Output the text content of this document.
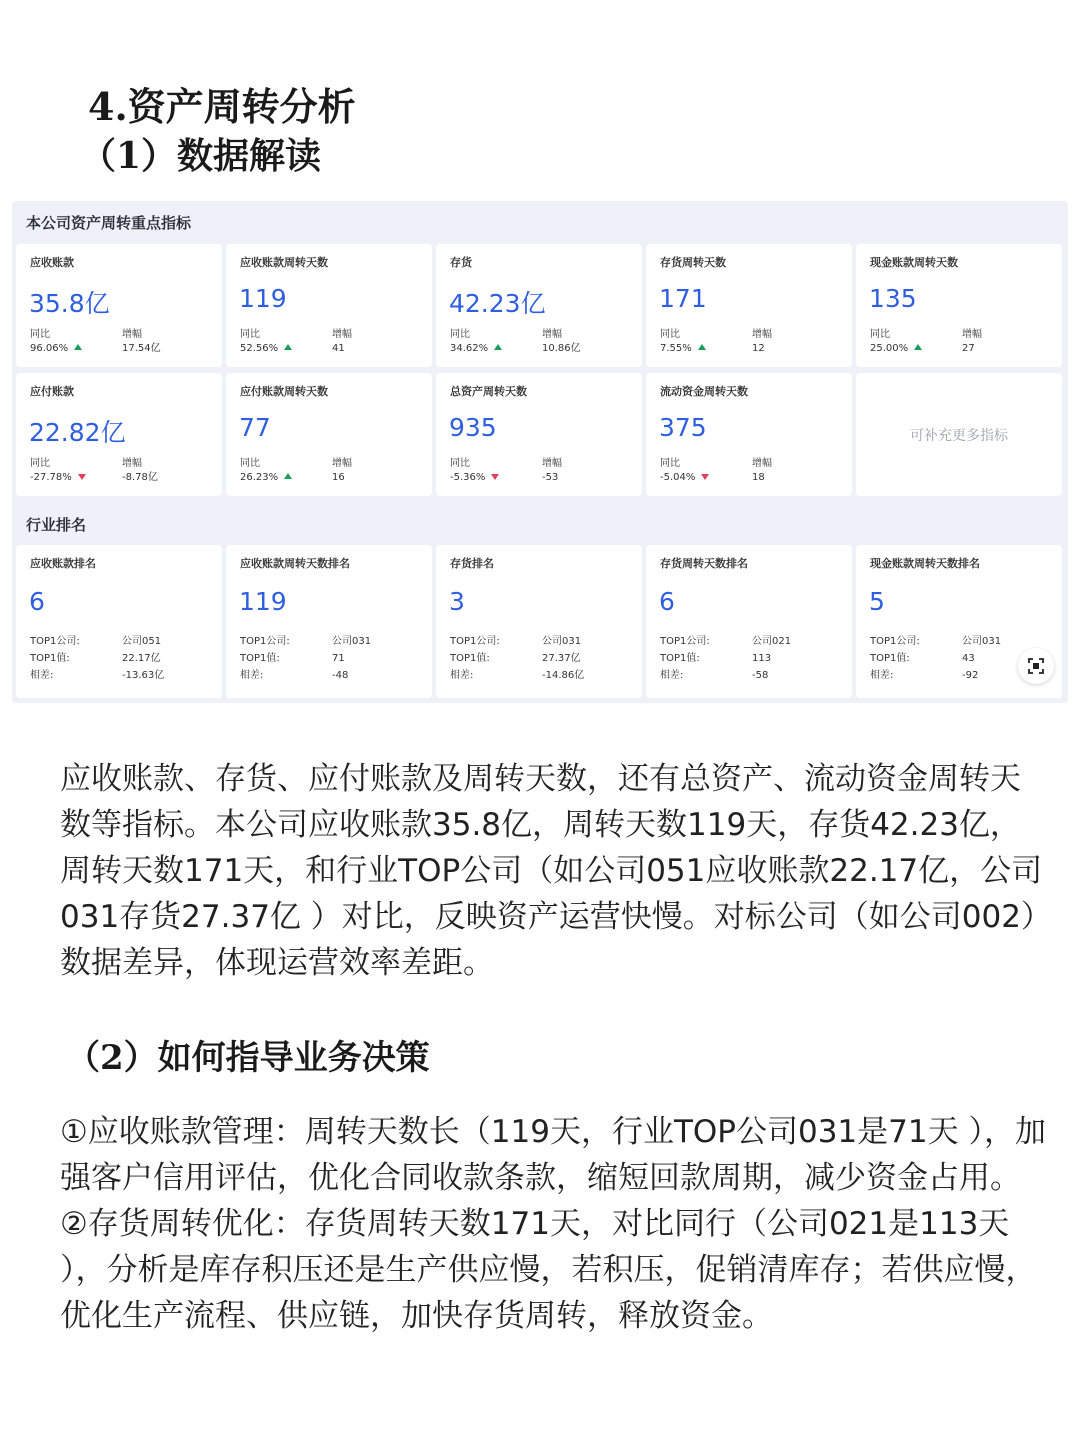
4.资产周转分析
（1）数据解读
本公司资产周转重点指标
应收账款
35.8亿
同比
96.06%
增幅
17.54亿
应收账款周转天数
119
同比
52.56%
增幅
41
存货
42.23亿
同比
34.62%
增幅
10.86亿
存货周转天数
171
同比
7.55%
增幅
12
现金账款周转天数
135
同比
25.00%
增幅
27
应付账款
22.82亿
同比
-27.78%
增幅
-8.78亿
应付账款周转天数
77
同比
26.23%
增幅
16
总资产周转天数
935
同比
-5.36%
增幅
-53
流动资金周转天数
375
同比
-5.04%
增幅
18
可补充更多指标
行业排名
应收账款排名
6
TOP1公司:
TOP1值:
相差:
公司051
22.17亿
-13.63亿
应收账款周转天数排名
119
TOP1公司:
TOP1值:
相差:
公司031
71
-48
存货排名
3
TOP1公司:
TOP1值:
相差:
公司031
27.37亿
-14.86亿
存货周转天数排名
6
TOP1公司:
TOP1值:
相差:
公司021
113
-58
现金账款周转天数排名
5
TOP1公司:
TOP1值:
相差:
公司031
43
-92

应收账款、存货、应付账款及周转天数，还有总资产、流动资金周转天数等指标。本公司应收账款35.8亿，周转天数119天，存货42.23亿，周转天数171天，和行业TOP公司（如公司051应收账款22.17亿，公司031存货27.37亿 ）对比，反映资产运营快慢。对标公司（如公司002）数据差异，体现运营效率差距。

（2）如何指导业务决策
①应收账款管理：周转天数长（119天，行业TOP公司031是71天 ），加强客户信用评估，优化合同收款条款，缩短回款周期，减少资金占用。
②存货周转优化：存货周转天数171天，对比同行（公司021是113天 ），分析是库存积压还是生产供应慢，若积压，促销清库存；若供应慢，优化生产流程、供应链，加快存货周转，释放资金。
